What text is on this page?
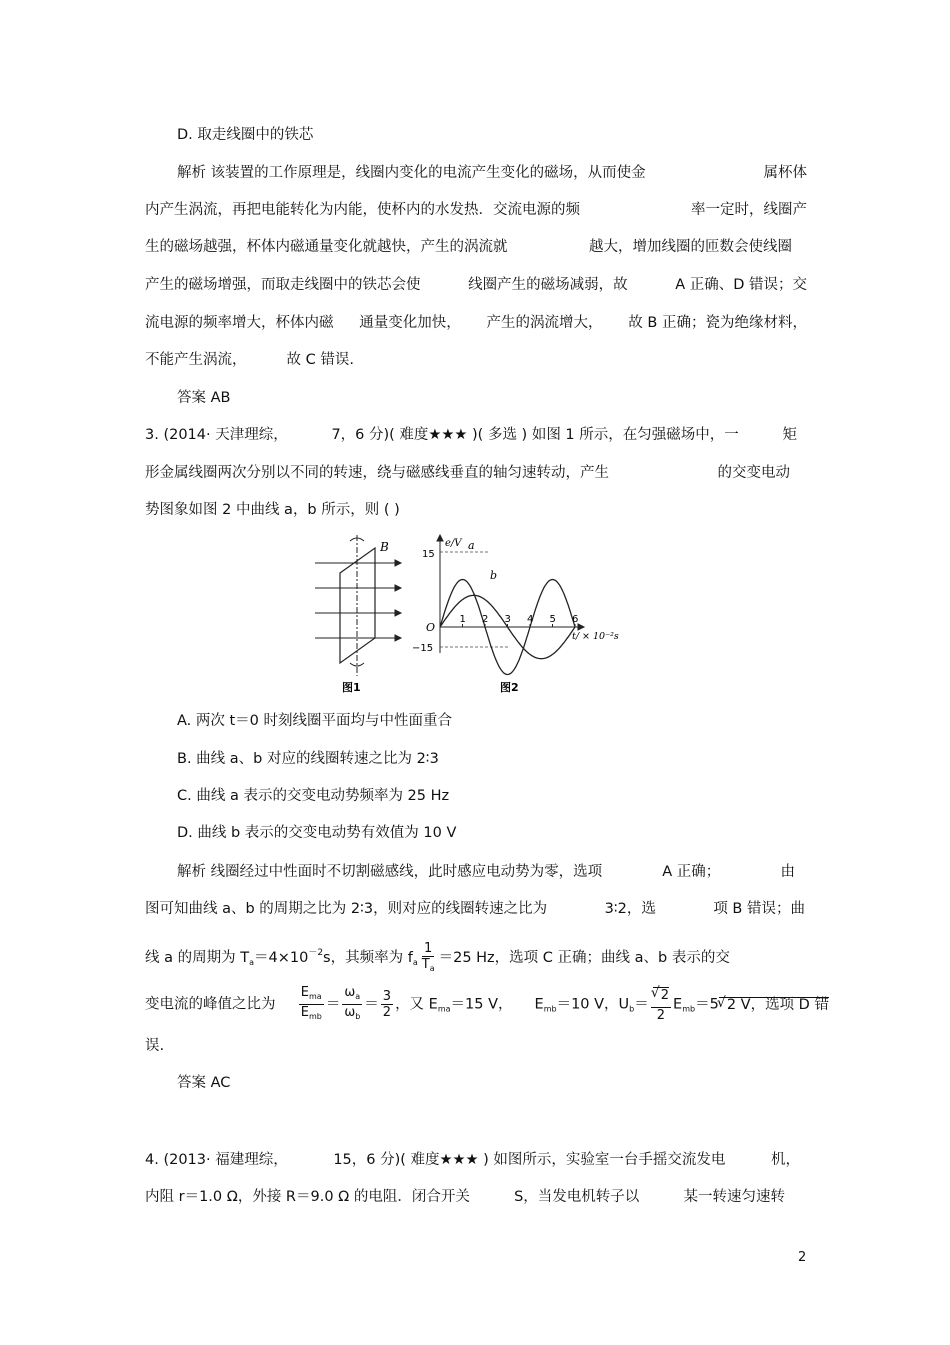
D. 取走线圈中的铁芯
解析 该装置的工作原理是，线圈内变化的电流产生变化的磁场，从而使金	属杯体
内产生涡流，再把电能转化为内能，使杯内的水发热．交流电源的频	率一定时，线圈产
生的磁场越强，杯体内磁通量变化就越快，产生的涡流就	越大，增加线圈的匝数会使线圈
产生的磁场增强，而取走线圈中的铁芯会使	线圈产生的磁场减弱，故	A 正确、D 错误；交
流电源的频率增大，杯体内磁 通量变化加快， 产生的涡流增大， 故 B 正确；瓷为绝缘材料，
不能产生涡流，	故 C 错误.
答案 AB
3. (2014· 天津理综，	7，6 分)( 难度★★★ )( 多选 ) 如图 1 所示，在匀强磁场中，一	矩
形金属线圈两次分别以不同的转速，绕与磁感线垂直的轴匀速转动，产生	的交变电动
势图象如图 2 中曲线 a，b 所示，则 ( )
B
图1
1 2 3 4 5 6
15
−15
O
e/V
t/ × 10⁻²s
a
b
图2
A. 两次 t＝0 时刻线圈平面均与中性面重合
B. 曲线 a、b 对应的线圈转速之比为 2∶3
C. 曲线 a 表示的交变电动势频率为 25 Hz
D. 曲线 b 表示的交变电动势有效值为 10 V
解析 线圈经过中性面时不切割磁感线，此时感应电动势为零，选项	A 正确；	由
图可知曲线 a、b 的周期之比为 2∶3，则对应的线圈转速之比为	3∶2，选	项 B 错误；曲
线 a 的周期为 $T_a=4\times 10^{-2}s$，其频率为 $f_a \frac{1}{T_a} =25$ Hz，选项 C 正确；曲线 a、b 表示的交
变电流的峰值之比为 $\frac{E_{ma}}{E_{mb}} = \frac{\omega_a}{\omega_b} = \frac{3}{2}$ ，又 $E_{ma}=15$ V， $E_{mb}=10$ V，$U_b=$
√ $\frac{2}{2} E_{mb}=5√$ 2 V，选项 D 错
误.
答案 AC
4. (2013· 福建理综，	15，6 分)( 难度★★★ ) 如图所示，实验室一台手摇交流发电	机，
内阻 r＝1.0 Ω，外接 R＝9.0 Ω 的电阻．闭合开关	S，当发电机转子以	某一转速匀速转
2
